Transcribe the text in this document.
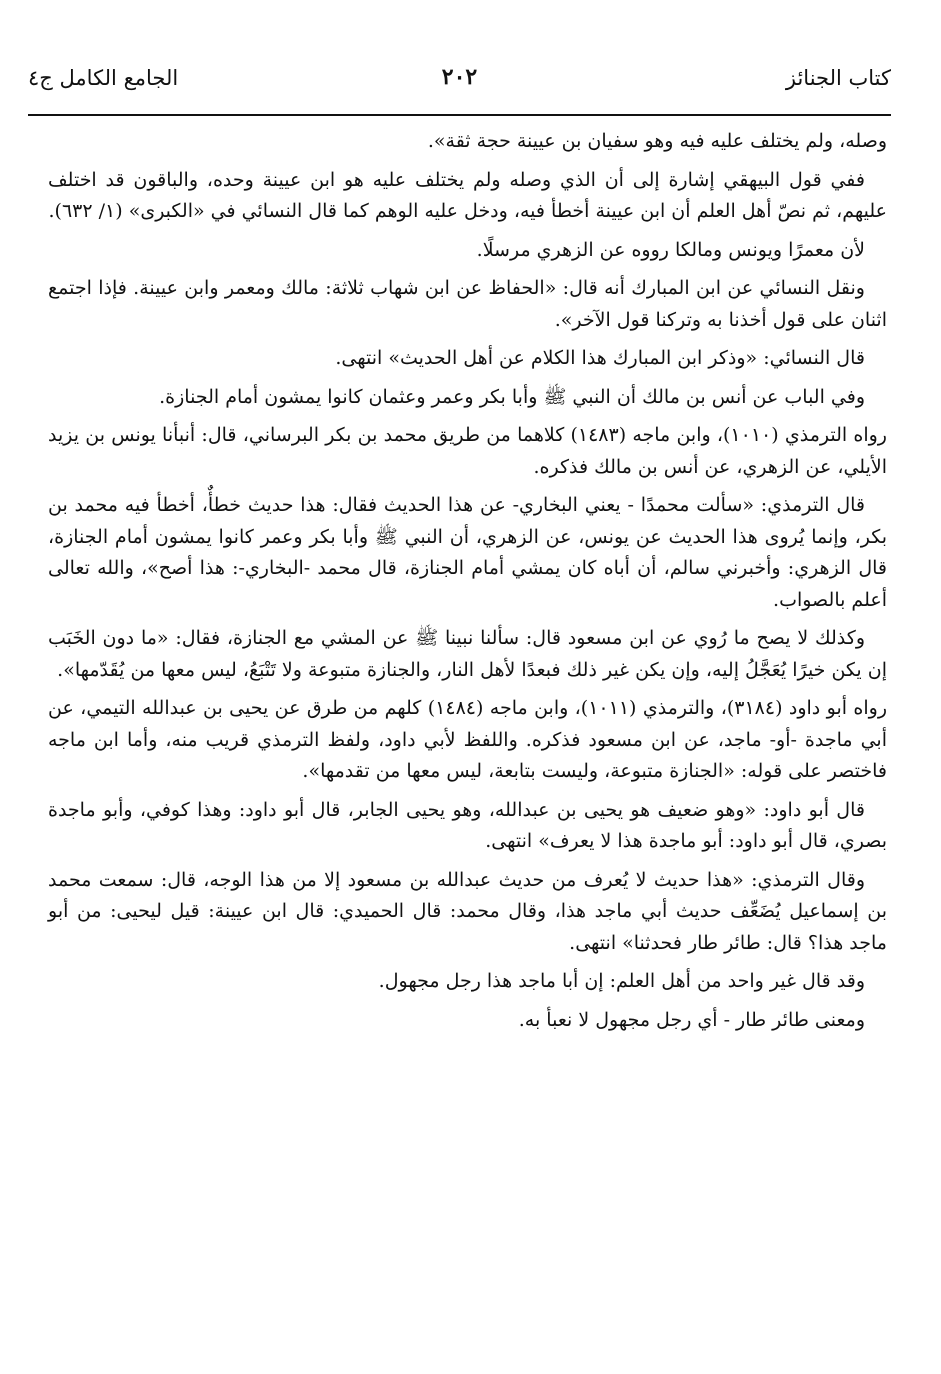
كتاب الجنائز
٢٠٢
الجامع الكامل ج٤

وصله، ولم يختلف عليه فيه وهو سفيان بن عيينة حجة ثقة».

ففي قول البيهقي إشارة إلى أن الذي وصله ولم يختلف عليه هو ابن عيينة وحده، والباقون قد اختلف عليهم، ثم نصّ أهل العلم أن ابن عيينة أخطأ فيه، ودخل عليه الوهم كما قال النسائي في «الكبرى» (١/ ٦٣٢).

لأن معمرًا ويونس ومالكا رووه عن الزهري مرسلًا.

ونقل النسائي عن ابن المبارك أنه قال: «الحفاظ عن ابن شهاب ثلاثة: مالك ومعمر وابن عيينة. فإذا اجتمع اثنان على قول أخذنا به وتركنا قول الآخر».

قال النسائي: «وذكر ابن المبارك هذا الكلام عن أهل الحديث» انتهى.

وفي الباب عن أنس بن مالك أن النبي ﷺ وأبا بكر وعمر وعثمان كانوا يمشون أمام الجنازة.

رواه الترمذي (١٠١٠)، وابن ماجه (١٤٨٣) كلاهما من طريق محمد بن بكر البرساني، قال: أنبأنا يونس بن يزيد الأيلي، عن الزهري، عن أنس بن مالك فذكره.

قال الترمذي: «سألت محمدًا - يعني البخاري- عن هذا الحديث فقال: هذا حديث خطأٌ، أخطأ فيه محمد بن بكر، وإنما يُروى هذا الحديث عن يونس، عن الزهري، أن النبي ﷺ وأبا بكر وعمر كانوا يمشون أمام الجنازة، قال الزهري: وأخبرني سالم، أن أباه كان يمشي أمام الجنازة، قال محمد -البخاري-: هذا أصح»، والله تعالى أعلم بالصواب.

وكذلك لا يصح ما رُوي عن ابن مسعود قال: سألنا نبينا ﷺ عن المشي مع الجنازة، فقال: «ما دون الخَبَب إن يكن خيرًا يُعَجَّلُ إليه، وإن يكن غير ذلك فبعدًا لأهل النار، والجنازة متبوعة ولا تَتْبَعُ، ليس معها من يُقَدّمها».

رواه أبو داود (٣١٨٤)، والترمذي (١٠١١)، وابن ماجه (١٤٨٤) كلهم من طرق عن يحيى بن عبدالله التيمي، عن أبي ماجدة -أو- ماجد، عن ابن مسعود فذكره. واللفظ لأبي داود، ولفظ الترمذي قريب منه، وأما ابن ماجه فاختصر على قوله: «الجنازة متبوعة، وليست بتابعة، ليس معها من تقدمها».

قال أبو داود: «وهو ضعيف هو يحيى بن عبدالله، وهو يحيى الجابر، قال أبو داود: وهذا كوفي، وأبو ماجدة بصري، قال أبو داود: أبو ماجدة هذا لا يعرف» انتهى.

وقال الترمذي: «هذا حديث لا يُعرف من حديث عبدالله بن مسعود إلا من هذا الوجه، قال: سمعت محمد بن إسماعيل يُضَعِّف حديث أبي ماجد هذا، وقال محمد: قال الحميدي: قال ابن عيينة: قيل ليحيى: من أبو ماجد هذا؟ قال: طائر طار فحدثنا» انتهى.

وقد قال غير واحد من أهل العلم: إن أبا ماجد هذا رجل مجهول.

ومعنى طائر طار - أي رجل مجهول لا نعبأ به.
